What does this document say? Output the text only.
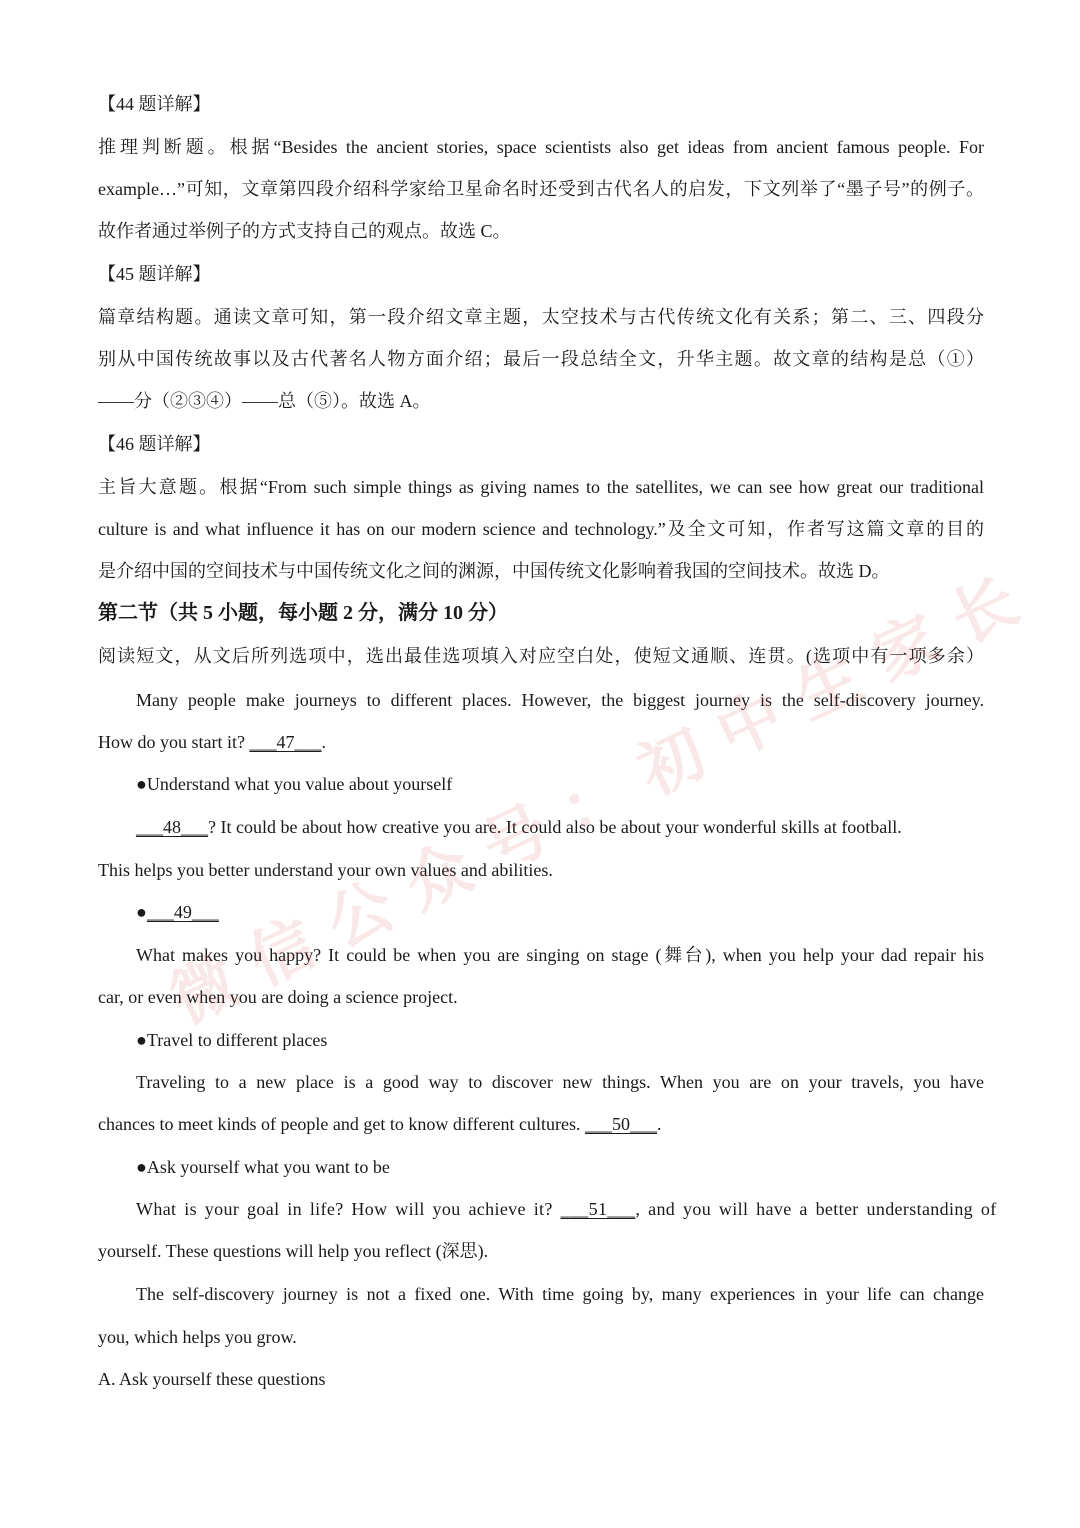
【44 题详解】
推理判断题。根据“Besides the ancient stories, space scientists also get ideas from ancient famous people. For
example…”可知，文章第四段介绍科学家给卫星命名时还受到古代名人的启发，下文列举了“墨子号”的例子。
故作者通过举例子的方式支持自己的观点。故选 C。
【45 题详解】
篇章结构题。通读文章可知，第一段介绍文章主题，太空技术与古代传统文化有关系；第二、三、四段分
别从中国传统故事以及古代著名人物方面介绍；最后一段总结全文，升华主题。故文章的结构是总（①）
——分（②③④）——总（⑤）。故选 A。
【46 题详解】
主旨大意题。根据“From such simple things as giving names to the satellites, we can see how great our traditional
culture is and what influence it has on our modern science and technology.”及全文可知，作者写这篇文章的目的
是介绍中国的空间技术与中国传统文化之间的渊源，中国传统文化影响着我国的空间技术。故选 D。
第二节（共 5 小题，每小题 2 分，满分 10 分）
阅读短文，从文后所列选项中，选出最佳选项填入对应空白处，使短文通顺、连贯。(选项中有一项多余）
Many people make journeys to different places. However, the biggest journey is the self-discovery journey.
How do you start it? ___47___.
●Understand what you value about yourself
___48___? It could be about how creative you are. It could also be about your wonderful skills at football.
This helps you better understand your own values and abilities.
●___49___
What makes you happy? It could be when you are singing on stage (舞台), when you help your dad repair his
car, or even when you are doing a science project.
●Travel to different places
Traveling to a new place is a good way to discover new things. When you are on your travels, you have
chances to meet kinds of people and get to know different cultures. ___50___.
●Ask yourself what you want to be
What is your goal in life? How will you achieve it? ___51___, and you will have a better understanding of
yourself. These questions will help you reflect (深思).
The self-discovery journey is not a fixed one. With time going by, many experiences in your life can change
you, which helps you grow.
A. Ask yourself these questions
微
信
公
众
号
：
初
中
生
家
长
